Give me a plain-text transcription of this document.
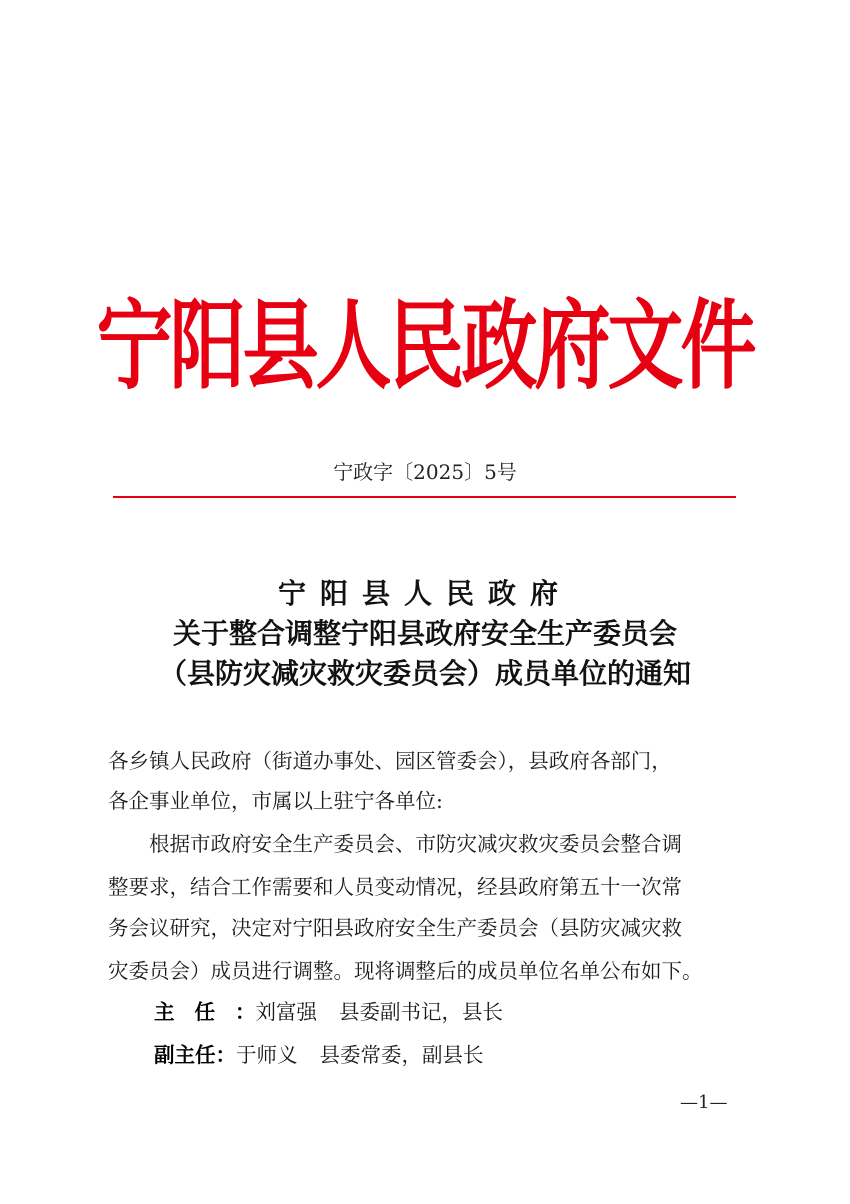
宁阳县人民政府文件
宁政字〔2025〕5号
宁阳县人民政府
关于整合调整宁阳县政府安全生产委员会
（县防灾减灾救灾委员会）成员单位的通知
各乡镇人民政府（街道办事处、园区管委会），县政府各部门，
各企事业单位，市属以上驻宁各单位:
　　根据市政府安全生产委员会、市防灾减灾救灾委员会整合调
整要求，结合工作需要和人员变动情况，经县政府第五十一次常
务会议研究，决定对宁阳县政府安全生产委员会（县防灾减灾救
灾委员会）成员进行调整。现将调整后的成员单位名单公布如下。
主任：刘富强 县委副书记，县长
副主任：于师义 县委常委，副县长
—1—
